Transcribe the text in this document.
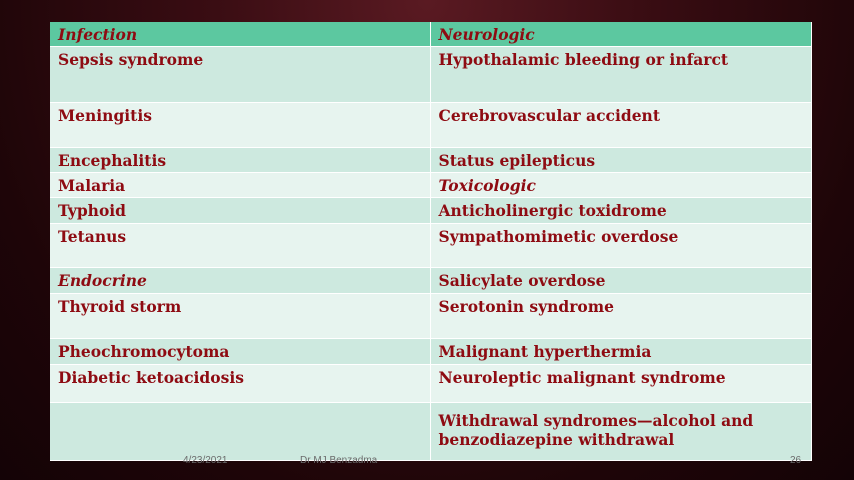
Infection	Neurologic
Sepsis syndrome	Hypothalamic bleeding or infarct
Meningitis	Cerebrovascular accident
Encephalitis	Status epilepticus
Malaria	Toxicologic
Typhoid	Anticholinergic toxidrome
Tetanus	Sympathomimetic overdose
Endocrine	Salicylate overdose
Thyroid storm	Serotonin syndrome
Pheochromocytoma	Malignant hyperthermia
Diabetic ketoacidosis	Neuroleptic malignant syndrome
	Withdrawal syndromes—alcohol and benzodiazepine withdrawal
4/23/2021	Dr MJ Benzadma	26
